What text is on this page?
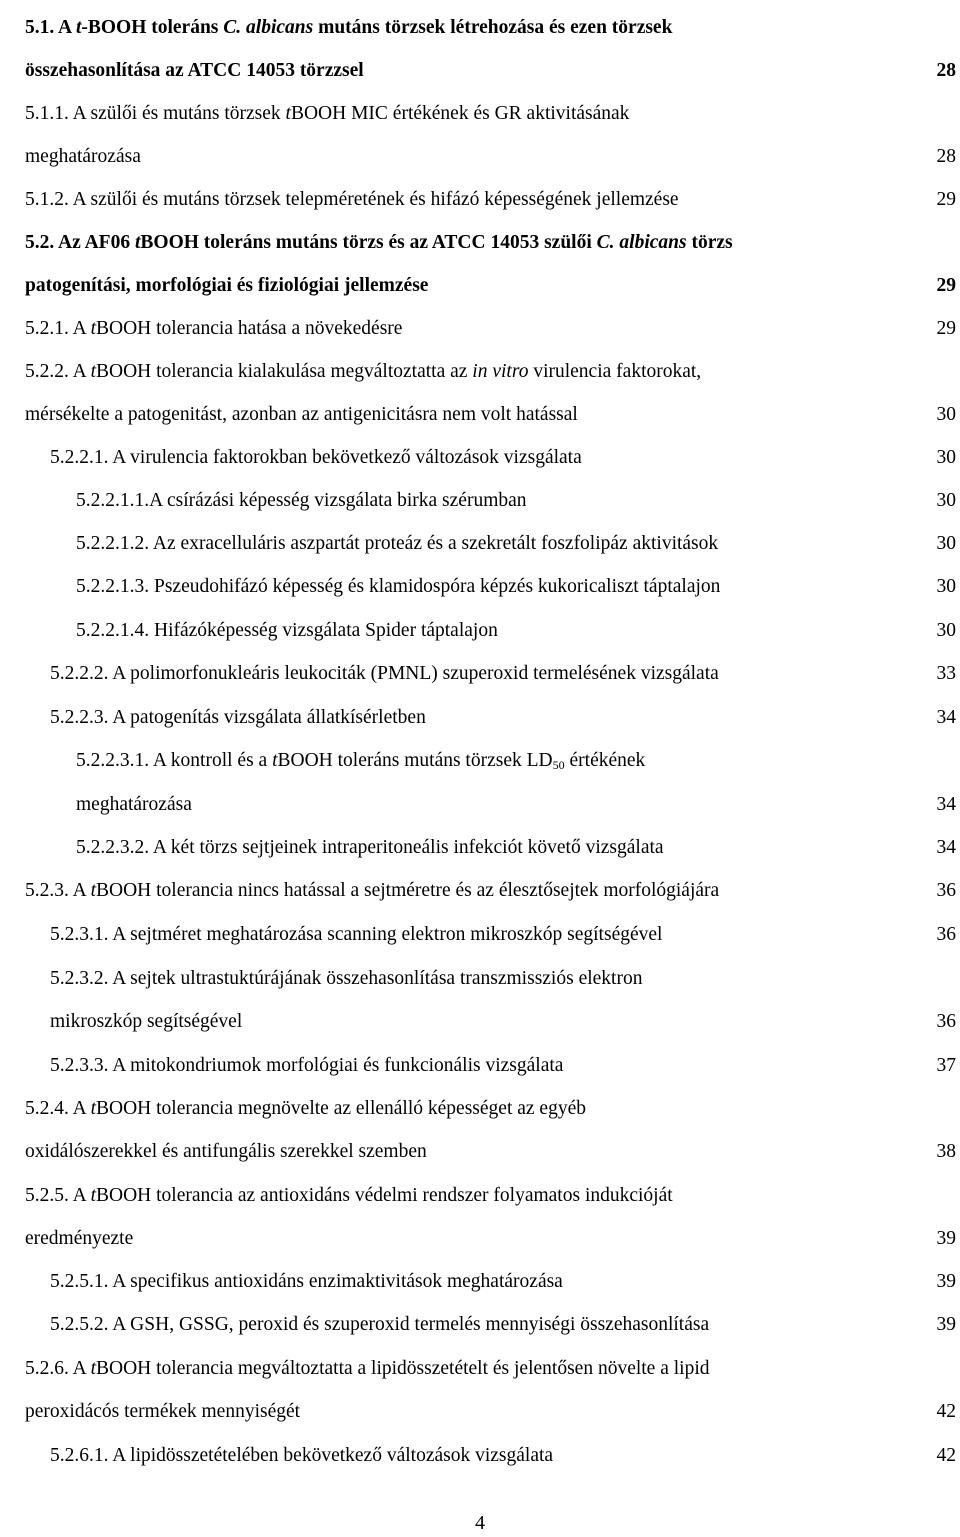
5.1. A t-BOOH toleráns C. albicans mutáns törzsek létrehozása és ezen törzsek
összehasonlítása az ATCC 14053 törzzsel	28
5.1.1. A szülői és mutáns törzsek tBOOH MIC értékének és GR aktivitásának
meghatározása	28
5.1.2. A szülői és mutáns törzsek telepméretének és hifázó képességének jellemzése	29
5.2. Az AF06 tBOOH toleráns mutáns törzs és az ATCC 14053 szülői C. albicans törzs
patogenítási, morfológiai és fiziológiai jellemzése	29
5.2.1. A tBOOH tolerancia hatása a növekedésre	29
5.2.2. A tBOOH tolerancia kialakulása megváltoztatta az in vitro virulencia faktorokat,
mérsékelte a patogenitást, azonban az antigenicitásra nem volt hatással	30
5.2.2.1. A virulencia faktorokban bekövetkező változások vizsgálata	30
5.2.2.1.1.A csírázási képesség vizsgálata birka szérumban	30
5.2.2.1.2. Az exracelluláris aszpartát proteáz és a szekretált foszfolipáz aktivitások	30
5.2.2.1.3. Pszeudohifázó képesség és klamidospóra képzés kukoricaliszt táptalajon	30
5.2.2.1.4. Hifázóképesség vizsgálata Spider táptalajon	30
5.2.2.2. A polimorfonukleáris leukociták (PMNL) szuperoxid termelésének vizsgálata	33
5.2.2.3. A patogenítás vizsgálata állatkísérletben	34
5.2.2.3.1. A kontroll és a tBOOH toleráns mutáns törzsek $LD_{50}$ értékének
meghatározása	34
5.2.2.3.2. A két törzs sejtjeinek intraperitoneális infekciót követő vizsgálata	34
5.2.3. A tBOOH tolerancia nincs hatással a sejtméretre és az élesztősejtek morfológiájára	36
5.2.3.1. A sejtméret meghatározása scanning elektron mikroszkóp segítségével	36
5.2.3.2. A sejtek ultrastuktúrájának összehasonlítása transzmissziós elektron
mikroszkóp segítségével	36
5.2.3.3. A mitokondriumok morfológiai és funkcionális vizsgálata	37
5.2.4. A tBOOH tolerancia megnövelte az ellenálló képességet az egyéb
oxidálószerekkel és antifungális szerekkel szemben	38
5.2.5. A tBOOH tolerancia az antioxidáns védelmi rendszer folyamatos indukcióját
eredményezte	39
5.2.5.1. A specifikus antioxidáns enzimaktivitások meghatározása	39
5.2.5.2. A GSH, GSSG, peroxid és szuperoxid termelés mennyiségi összehasonlítása	39
5.2.6. A tBOOH tolerancia megváltoztatta a lipidösszetételt és jelentősen növelte a lipid
peroxidácós termékek mennyiségét	42
5.2.6.1. A lipidösszetételében bekövetkező változások vizsgálata	42
4
